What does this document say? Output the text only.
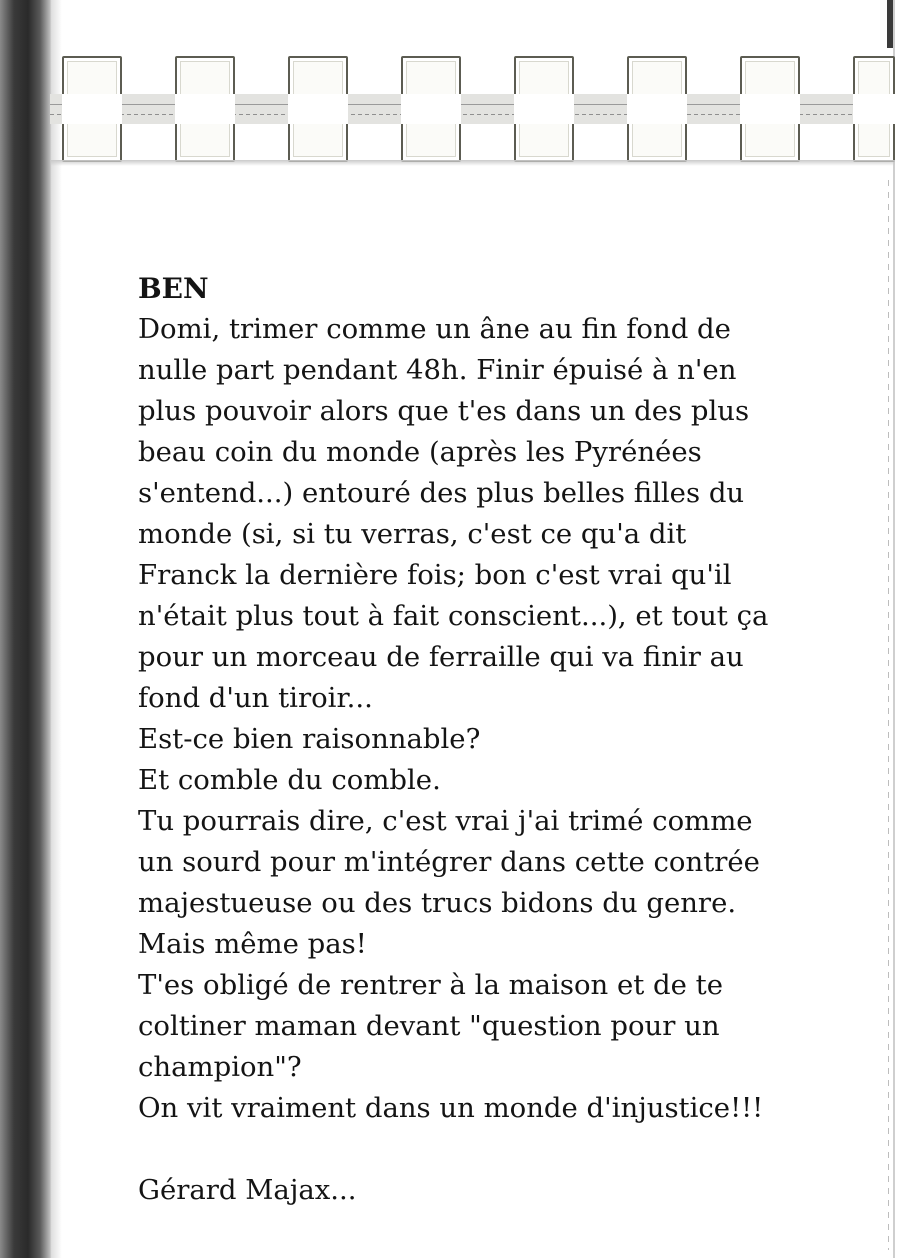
BEN

Domi, trimer comme un âne au fin fond de

nulle part pendant 48h. Finir épuisé à n'en

plus pouvoir alors que t'es dans un des plus

beau coin du monde (après les Pyrénées

s'entend...) entouré des plus belles filles du

monde (si, si tu verras, c'est ce qu'a dit

Franck la dernière fois; bon c'est vrai qu'il

n'était plus tout à fait conscient...), et tout ça

pour un morceau de ferraille qui va finir au

fond d'un tiroir...

Est-ce bien raisonnable?

Et comble du comble.

Tu pourrais dire, c'est vrai j'ai trimé comme

un sourd pour m'intégrer dans cette contrée

majestueuse ou des trucs bidons du genre.

Mais même pas!

T'es obligé de rentrer à la maison et de te

coltiner maman devant "question pour un

champion"?

On vit vraiment dans un monde d'injustice!!!

Gérard Majax...
